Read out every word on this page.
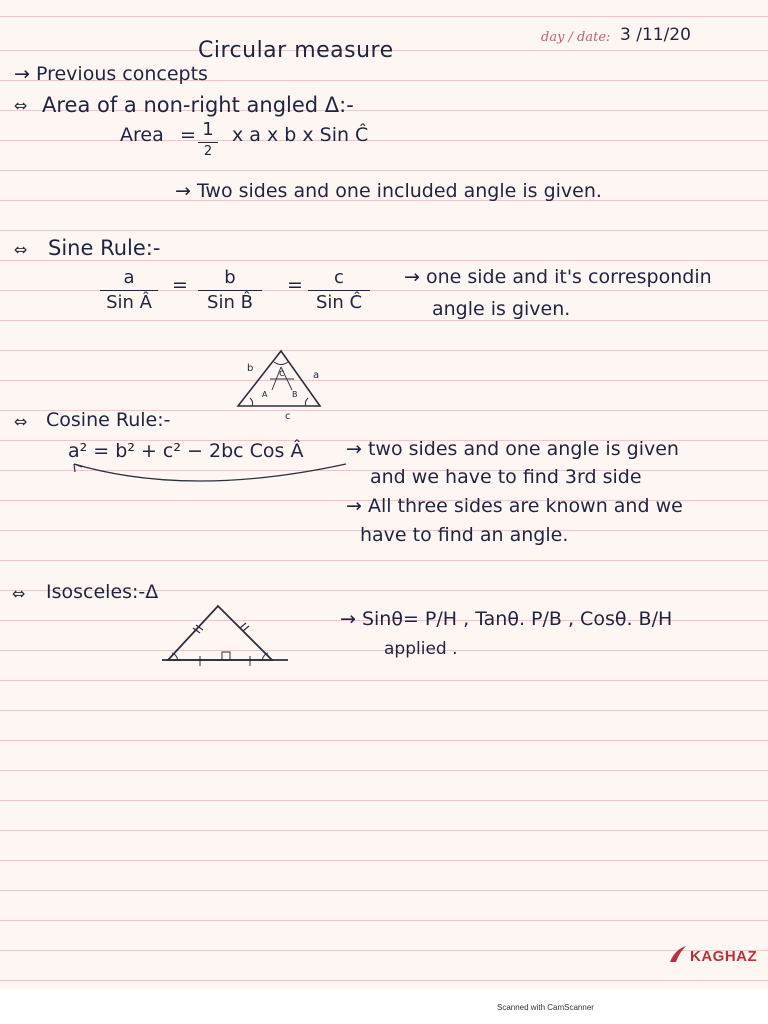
day / date: 3 /11/20
Circular measure
→ Previous concepts
⇔ Area of a non-right angled Δ:-
Area = 1
2
x a x b x Sin Ĉ
→ Two sides and one included angle is given.
⇔ Sine Rule:-
a
Sin Â
=	b
Sin B̂
=	c
Sin Ĉ
→ one side and it's correspondin
angle is given.
b	c	a
c
A	B
⇔ Cosine Rule:-
a² = b² + c² − 2bc Cos Â → two sides and one angle is given
and we have to find 3rd side
→ All three sides are known and we
have to find an angle.
⇔ Isosceles:-Δ
→ Sinθ= P/H , Tanθ. P/B , Cosθ. B/H
applied .
KAGHAZ
Scanned with CamScanner
